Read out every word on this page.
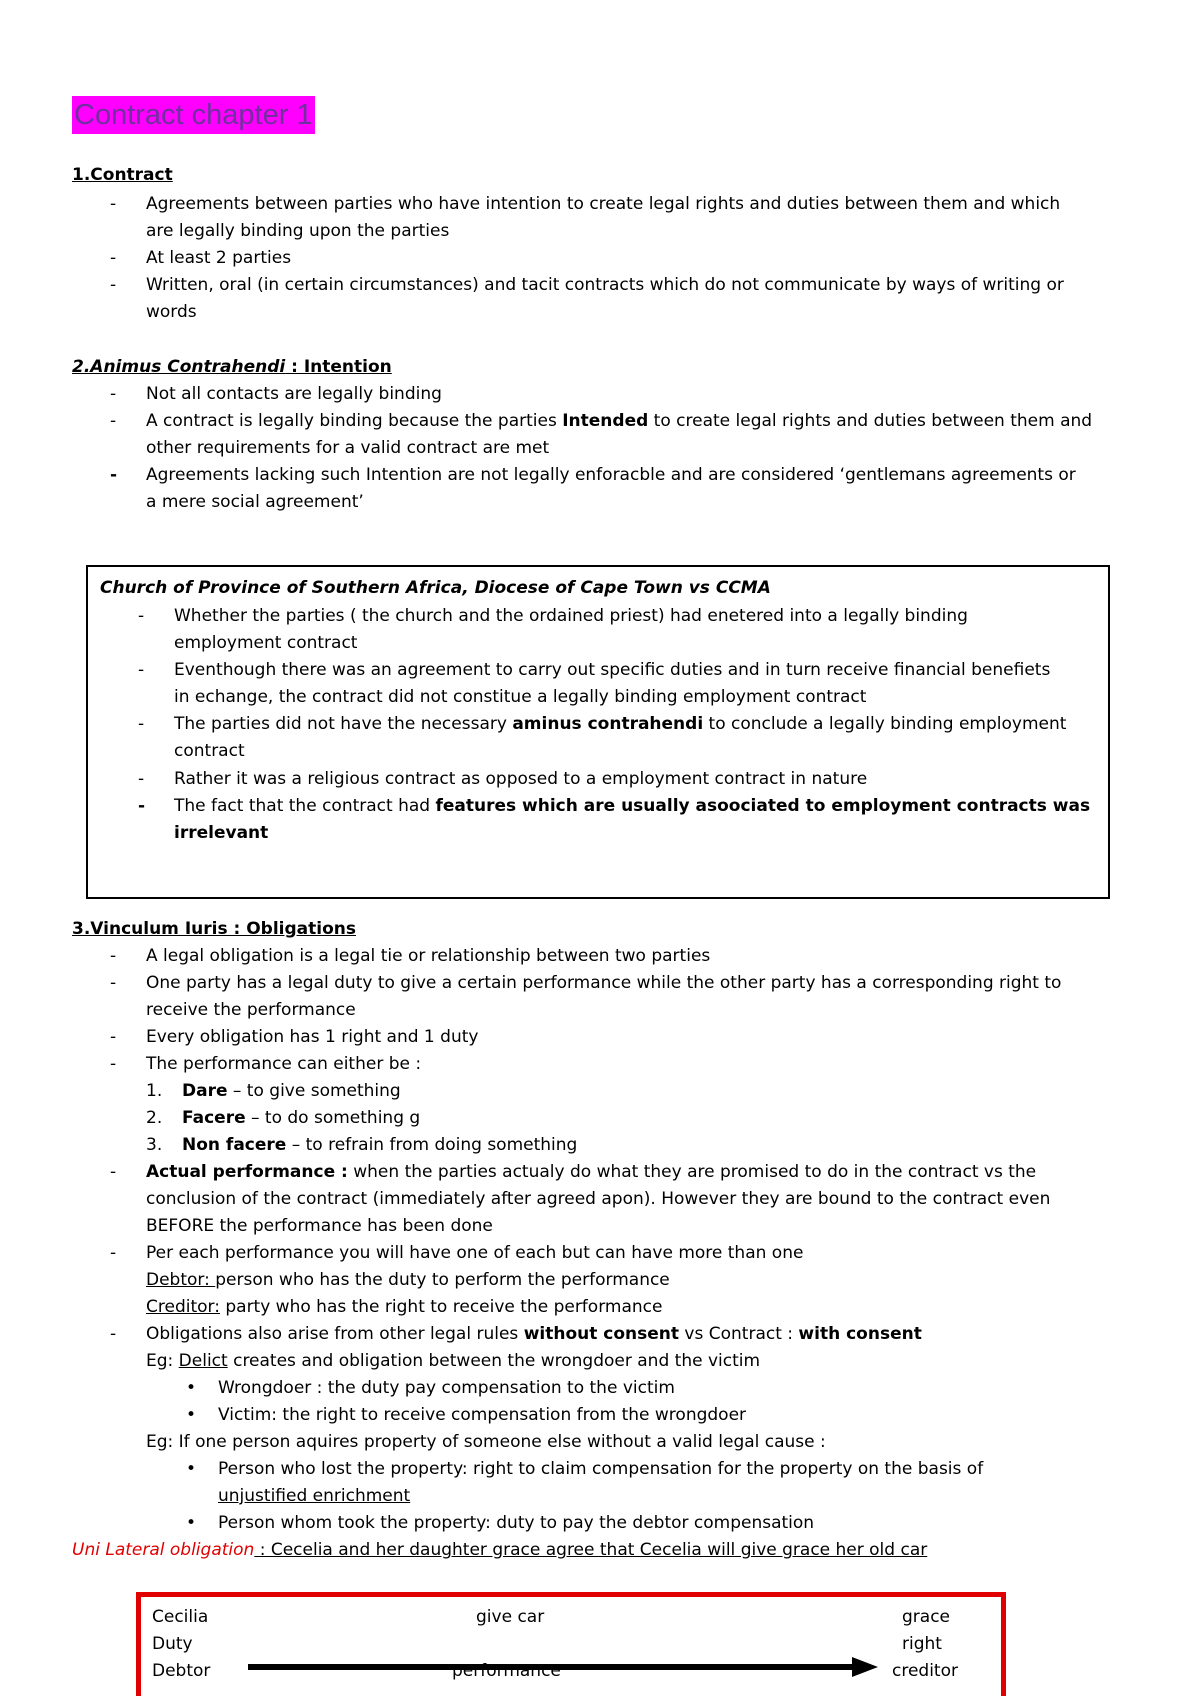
Contract chapter 1
1.Contract
- Agreements between parties who have intention to create legal rights and duties between them and which
are legally binding upon the parties
- At least 2 parties
- Written, oral (in certain circumstances) and tacit contracts which do not communicate by ways of writing or
words
2.Animus Contrahendi : Intention
- Not all contacts are legally binding
- A contract is legally binding because the parties Intended to create legal rights and duties between them and
other requirements for a valid contract are met
- Agreements lacking such Intention are not legally enforacble and are considered ‘gentlemans agreements or
a mere social agreement’
Church of Province of Southern Africa, Diocese of Cape Town vs CCMA
- Whether the parties ( the church and the ordained priest) had enetered into a legally binding
employment contract
- Eventhough there was an agreement to carry out specific duties and in turn receive financial benefiets
in echange, the contract did not constitue a legally binding employment contract
- The parties did not have the necessary aminus contrahendi to conclude a legally binding employment
contract
- Rather it was a religious contract as opposed to a employment contract in nature
- The fact that the contract had features which are usually asoociated to employment contracts was
irrelevant
3.Vinculum Iuris : Obligations
- A legal obligation is a legal tie or relationship between two parties
- One party has a legal duty to give a certain performance while the other party has a corresponding right to
receive the performance
- Every obligation has 1 right and 1 duty
- The performance can either be :
1. Dare – to give something
2. Facere – to do something g
3. Non facere – to refrain from doing something
- Actual performance : when the parties actualy do what they are promised to do in the contract vs the
conclusion of the contract (immediately after agreed apon). However they are bound to the contract even
BEFORE the performance has been done
- Per each performance you will have one of each but can have more than one
Debtor: person who has the duty to perform the performance
Creditor: party who has the right to receive the performance
- Obligations also arise from other legal rules without consent vs Contract : with consent
Eg: Delict creates and obligation between the wrongdoer and the victim
• Wrongdoer : the duty pay compensation to the victim
• Victim: the right to receive compensation from the wrongdoer
Eg: If one person aquires property of someone else without a valid legal cause :
• Person who lost the property: right to claim compensation for the property on the basis of
unjustified enrichment
• Person whom took the property: duty to pay the debtor compensation
Uni Lateral obligation : Cecelia and her daughter grace agree that Cecelia will give grace her old car
Cecilia
Duty
Debtor
give car
performance
grace
right
creditor
